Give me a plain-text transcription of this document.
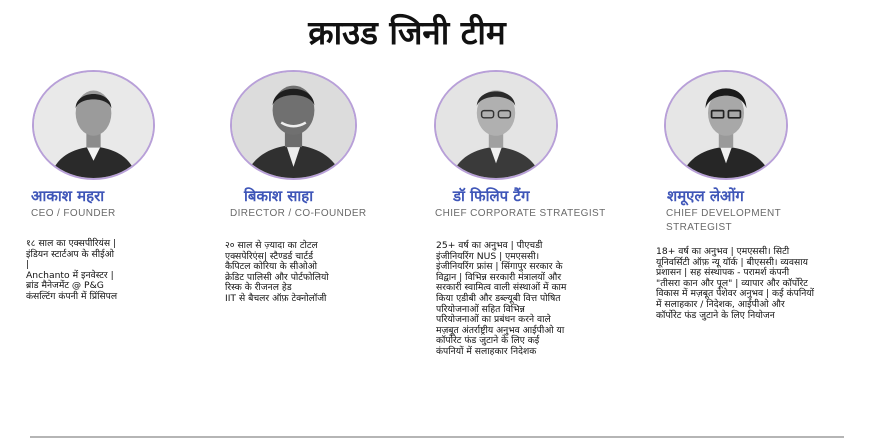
क्राउड जिनी टीम
आकाश महरा
CEO / FOUNDER
१८ साल का एक्सपीरियंस |
इंडियन स्टार्टअप के सीईओ
|
Anchanto में इनवेस्टर |
ब्रांड मैनेजमेंट @ P&G
कंसल्टिंग कंपनी में प्रिंसिपल
बिकाश साहा
DIRECTOR / CO-FOUNDER
२० साल से ज़्यादा का टोटल
एक्सपेरिएंस| स्टैण्डर्ड चार्टर्ड
कैपिटल कोरिया के सीओओ
क्रेडिट पालिसी और पोर्टफोलियो
रिस्क के रीजनल हेड
IIT से बैचलर ऑफ़ टेक्नोलॉजी
डॉ फिलिप टैंग
CHIEF CORPORATE STRATEGIST
25+ वर्ष का अनुभव | पीएचडी
इंजीनियरिंग NUS | एमएससी।
इंजीनियरिंग फ्रांस | सिंगापुर सरकार के
विद्वान | विभिन्न सरकारी मंत्रालयों और
सरकारी स्वामित्व वाली संस्थाओं में काम
किया एडीबी और डब्ल्यूबी वित्त पोषित
परियोजनाओं सहित विभिन्न
परियोजनाओं का प्रबंधन करने वाले
मज़बूत अंतर्राष्ट्रीय अनुभव आईपीओ या
कॉर्पोरेट फंड जुटाने के लिए कई
कंपनियों में सलाहकार निदेशक
शमूएल लेओंग
CHIEF DEVELOPMENT
STRATEGIST
18+ वर्ष का अनुभव | एमएससी। सिटी
यूनिवर्सिटी ऑफ़ न्यू यॉर्क | बीएससी। व्यवसाय
प्रशासन | सह संस्थापक - परामर्श कंपनी
"तीसरा कान और पूल" | व्यापार और कॉर्पोरेट
विकास में मज़बूत पेशेवर अनुभव | कई कंपनियों
में सलाहकार / निदेशक, आईपीओ और
कॉर्पोरेट फंड जुटाने के लिए नियोजन
